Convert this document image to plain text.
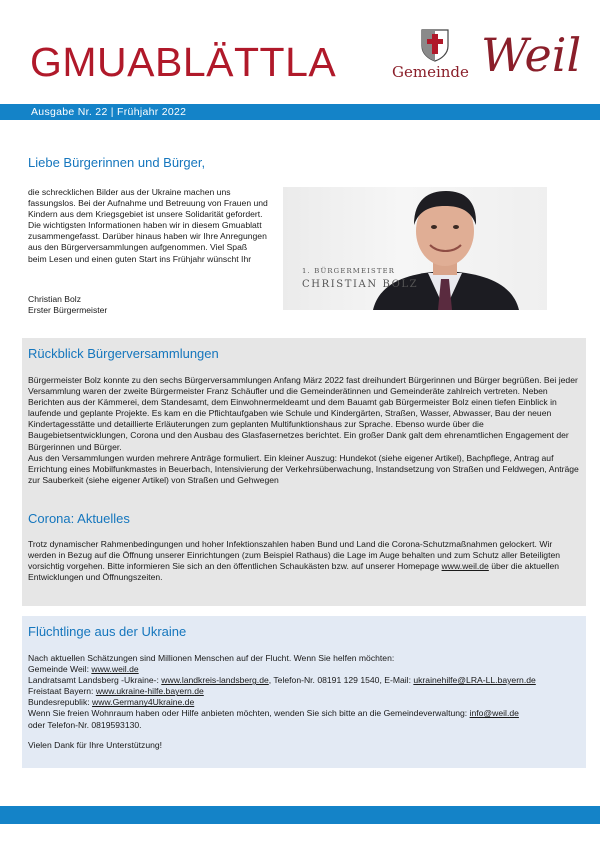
GMUABLÄTTLA	Gemeinde Weil
Ausgabe Nr. 22 | Frühjahr 2022
Liebe Bürgerinnen und Bürger,
die schrecklichen Bilder aus der Ukraine machen uns fassungslos. Bei der Aufnahme und Betreuung von Frauen und Kindern aus dem Kriegsgebiet ist unsere Solidarität gefordert. Die wichtigsten Informationen haben wir in diesem Gmuablatt zusammengefasst. Darüber hinaus haben wir Ihre Anregungen aus den Bürgerversammlungen aufgenommen. Viel Spaß beim Lesen und einen guten Start ins Frühjahr wünscht Ihr
Christian Bolz
Erster Bürgermeister
1. BÜRGERMEISTER
CHRISTIAN BOLZ
Rückblick Bürgerversammlungen
Bürgermeister Bolz konnte zu den sechs Bürgerversammlungen Anfang März 2022 fast dreihundert Bürgerinnen und Bürger begrüßen. Bei jeder Versammlung waren der zweite Bürgermeister Franz Schäufler und die Gemeinderätinnen und Gemeinderäte zahlreich vertreten. Neben Berichten aus der Kämmerei, dem Standesamt, dem Einwohnermeldeamt und dem Bauamt gab Bürgermeister Bolz einen tiefen Einblick in laufende und geplante Projekte. Es kam en die Pflichtaufgaben wie Schule und Kindergärten, Straßen, Wasser, Abwasser, Bau der neuen Kindertagesstätte und detaillierte Erläuterungen zum geplanten Multifunktionshaus zur Sprache. Ebenso wurde über die Baugebietsentwicklungen, Corona und den Ausbau des Glasfasernetzes berichtet. Ein großer Dank galt dem ehrenamtlichen Engagement der Bürgerinnen und Bürger.
Aus den Versammlungen wurden mehrere Anträge formuliert. Ein kleiner Auszug: Hundekot (siehe eigener Artikel), Bachpflege, Antrag auf Errichtung eines Mobilfunkmastes in Beuerbach, Intensivierung der Verkehrsüberwachung, Instandsetzung von Straßen und Feldwegen, Anträge zur Sauberkeit (siehe eigener Artikel) von Straßen und Gehwegen
Corona: Aktuelles
Trotz dynamischer Rahmenbedingungen und hoher Infektionszahlen haben Bund und Land die Corona-Schutzmaßnahmen gelockert. Wir werden in Bezug auf die Öffnung unserer Einrichtungen (zum Beispiel Rathaus) die Lage im Auge behalten und zum Schutz aller Beteiligten vorsichtig vorgehen. Bitte informieren Sie sich an den öffentlichen Schaukästen bzw. auf unserer Homepage www.weil.de über die aktuellen Entwicklungen und Öffnungszeiten.
Flüchtlinge aus der Ukraine
Nach aktuellen Schätzungen sind Millionen Menschen auf der Flucht. Wenn Sie helfen möchten:
Gemeinde Weil: www.weil.de
Landratsamt Landsberg -Ukraine-: www.landkreis-landsberg.de, Telefon-Nr. 08191 129 1540, E-Mail: ukrainehilfe@LRA-LL.bayern.de
Freistaat Bayern: www.ukraine-hilfe.bayern.de
Bundesrepublik: www.Germany4Ukraine.de
Wenn Sie freien Wohnraum haben oder Hilfe anbieten möchten, wenden Sie sich bitte an die Gemeindeverwaltung: info@weil.de
oder Telefon-Nr. 0819593130.
Vielen Dank für Ihre Unterstützung!
